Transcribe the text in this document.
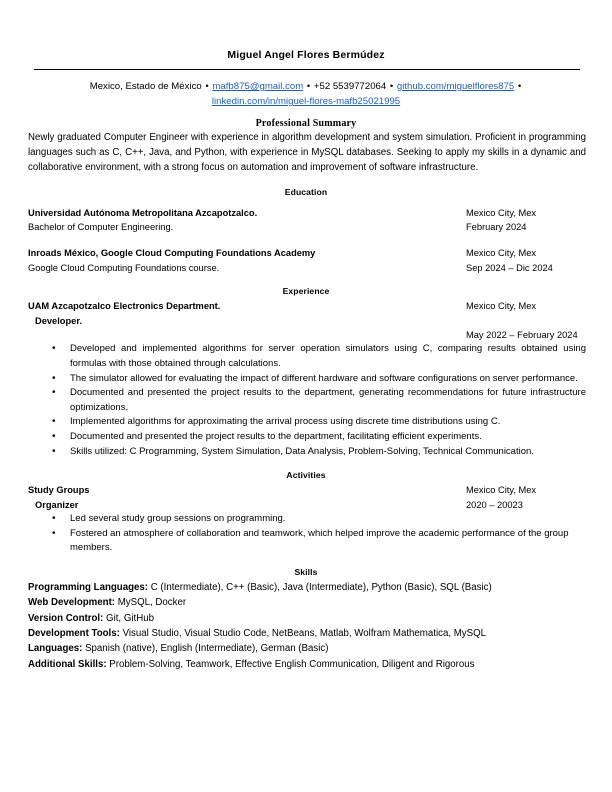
Miguel Angel Flores Bermúdez
Mexico, Estado de México • mafb875@gmail.com • +52 5539772064 • github.com/miguelflores875 • linkedin.com/in/miguel-flores-mafb25021995
Professional Summary
Newly graduated Computer Engineer with experience in algorithm development and system simulation. Proficient in programming languages such as C, C++, Java, and Python, with experience in MySQL databases. Seeking to apply my skills in a dynamic and collaborative environment, with a strong focus on automation and improvement of software infrastructure.
Education
Universidad Autónoma Metropolitana Azcapotzalco.
Bachelor of Computer Engineering.
Mexico City, Mex
February 2024
Inroads México, Google Cloud Computing Foundations Academy
Google Cloud Computing Foundations course.
Mexico City, Mex
Sep 2024 – Dic 2024
Experience
UAM Azcapotzalco Electronics Department.
Developer.

Mexico City, Mex
May 2022 – February 2024
• Developed and implemented algorithms for server operation simulators using C, comparing results obtained using formulas with those obtained through calculations.
• The simulator allowed for evaluating the impact of different hardware and software configurations on server performance.
• Documented and presented the project results to the department, generating recommendations for future infrastructure optimizations.
• Implemented algorithms for approximating the arrival process using discrete time distributions using C.
• Documented and presented the project results to the department, facilitating efficient experiments.
• Skills utilized: C Programming, System Simulation, Data Analysis, Problem-Solving, Technical Communication.
Activities
Study Groups
Organizer
Mexico City, Mex
2020 – 20023
• Led several study group sessions on programming.
• Fostered an atmosphere of collaboration and teamwork, which helped improve the academic performance of the group members.
Skills
Programming Languages: C (Intermediate), C++ (Basic), Java (Intermediate), Python (Basic), SQL (Basic)
Web Development: MySQL, Docker
Version Control: Git, GitHub
Development Tools: Visual Studio, Visual Studio Code, NetBeans, Matlab, Wolfram Mathematica, MySQL
Languages: Spanish (native), English (Intermediate), German (Basic)
Additional Skills: Problem-Solving, Teamwork, Effective English Communication, Diligent and Rigorous
